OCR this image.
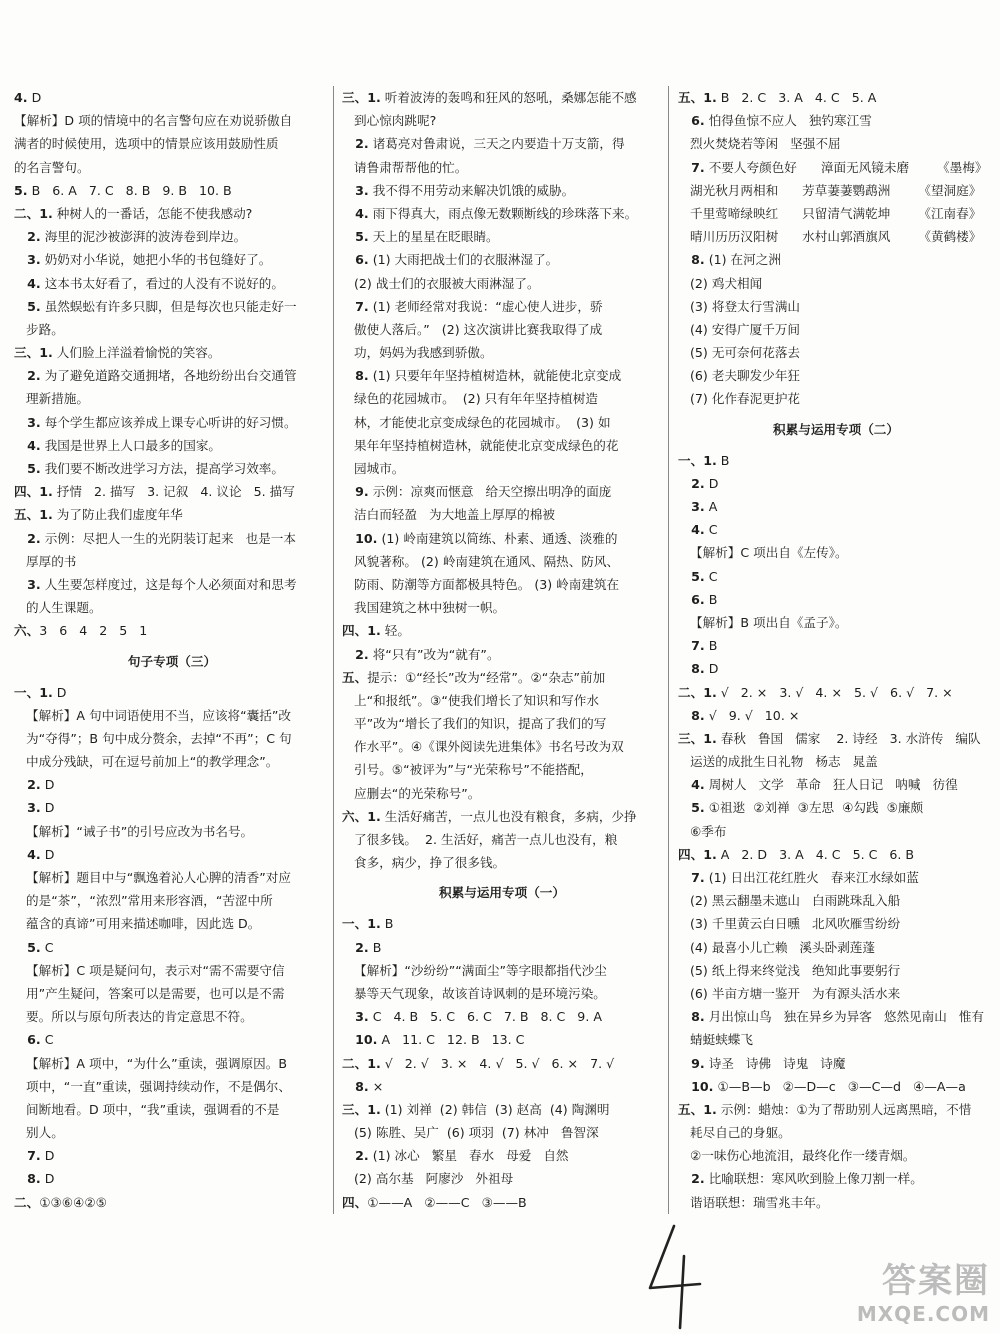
4. D
【解析】D 项的情境中的名言警句应在劝说骄傲自
满者的时候使用，选项中的情景应该用鼓励性质
的名言警句。
5. B   6. A   7. C   8. B   9. B   10. B
二、1. 种树人的一番话，怎能不使我感动?
2. 海里的泥沙被澎湃的波涛卷到岸边。
3. 奶奶对小华说，她把小华的书包缝好了。
4. 这本书太好看了，看过的人没有不说好的。
5. 虽然蜈蚣有许多只脚，但是每次也只能走好一
步路。
三、1. 人们脸上洋溢着愉悦的笑容。
2. 为了避免道路交通拥堵，各地纷纷出台交通管
理新措施。
3. 每个学生都应该养成上课专心听讲的好习惯。
4. 我国是世界上人口最多的国家。
5. 我们要不断改进学习方法，提高学习效率。
四、1. 抒情   2. 描写   3. 记叙   4. 议论   5. 描写
五、1. 为了防止我们虚度年华
2. 示例：尽把人一生的光阴装订起来   也是一本
厚厚的书
3. 人生要怎样度过，这是每个人必须面对和思考
的人生课题。
六、3   6   4   2   5   1
句子专项（三）
一、1. D
【解析】A 句中词语使用不当，应该将“囊括”改
为“夺得”；B 句中成分赘余，去掉“不再”；C 句
中成分残缺，可在逗号前加上“的教学理念”。
2. D
3. D
【解析】“诫子书”的引号应改为书名号。
4. D
【解析】题目中与“飘逸着沁人心脾的清香”对应
的是“茶”，“浓烈”常用来形容酒，“苦涩中所
蕴含的真谛”可用来描述咖啡，因此选 D。
5. C
【解析】C 项是疑问句，表示对“需不需要守信
用”产生疑问，答案可以是需要，也可以是不需
要。所以与原句所表达的肯定意思不符。
6. C
【解析】A 项中，“为什么”重读，强调原因。B
项中，“一直”重读，强调持续动作，不是偶尔、
间断地看。D 项中，“我”重读，强调看的不是
别人。
7. D
8. D
二、①③⑥④②⑤
三、1. 听着波涛的轰鸣和狂风的怒吼，桑娜怎能不感
到心惊肉跳呢?
2. 诸葛亮对鲁肃说，三天之内要造十万支箭，得
请鲁肃帮帮他的忙。
3. 我不得不用劳动来解决饥饿的威胁。
4. 雨下得真大，雨点像无数颗断线的珍珠落下来。
5. 天上的星星在眨眼睛。
6. (1) 大雨把战士们的衣服淋湿了。
(2) 战士们的衣服被大雨淋湿了。
7. (1) 老师经常对我说：“虚心使人进步，骄
傲使人落后。”   (2) 这次演讲比赛我取得了成
功，妈妈为我感到骄傲。
8. (1) 只要年年坚持植树造林，就能使北京变成
绿色的花园城市。  (2) 只有年年坚持植树造
林，才能使北京变成绿色的花园城市。  (3) 如
果年年坚持植树造林，就能使北京变成绿色的花
园城市。
9. 示例：凉爽而惬意   给天空擦出明净的面庞
洁白而轻盈   为大地盖上厚厚的棉被
10. (1) 岭南建筑以简练、朴素、通透、淡雅的
风貌著称。 (2) 岭南建筑在通风、隔热、防风、
防雨、防潮等方面都极具特色。 (3) 岭南建筑在
我国建筑之林中独树一帜。
四、1. 轻。
2. 将“只有”改为“就有”。
五、提示：①“经长”改为“经常”。②“杂志”前加
上“和报纸”。③“使我们增长了知识和写作水
平”改为“增长了我们的知识，提高了我们的写
作水平”。④《课外阅读先进集体》书名号改为双
引号。⑤“被评为”与“光荣称号”不能搭配，
应删去“的光荣称号”。
六、1. 生活好痛苦，一点儿也没有粮食，多病，少挣
了很多钱。  2. 生活好，痛苦一点儿也没有，粮
食多，病少，挣了很多钱。
积累与运用专项（一）
一、1. B
2. B
【解析】“沙纷纷”“满面尘”等字眼都指代沙尘
暴等天气现象，故该首诗讽刺的是环境污染。
3. C   4. B   5. C   6. C   7. B   8. C   9. A
10. A   11. C   12. B   13. C
二、1. √   2. √   3. ×   4. √   5. √   6. ×   7. √
8. ×
三、1. (1) 刘禅  (2) 韩信  (3) 赵高  (4) 陶渊明
(5) 陈胜、吴广  (6) 项羽  (7) 林冲   鲁智深
2. (1) 冰心   繁星   春水   母爱   自然
(2) 高尔基   阿廖沙   外祖母
四、①——A   ②——C   ③——B
五、1. B   2. C   3. A   4. C   5. A
6. 怕得鱼惊不应人   独钓寒江雪
烈火焚烧若等闲   坚强不屈
7. 不要人夸颜色好      漳面无风镜未磨       《墨梅》
湖光秋月两相和      芳草萋萋鹦鹉洲       《望洞庭》
千里莺啼绿映红      只留清气满乾坤       《江南春》
晴川历历汉阳树      水村山郭酒旗风       《黄鹤楼》
8. (1) 在河之洲
(2) 鸡犬相闻
(3) 将登太行雪满山
(4) 安得广厦千万间
(5) 无可奈何花落去
(6) 老夫聊发少年狂
(7) 化作春泥更护花
积累与运用专项（二）
一、1. B
2. D
3. A
4. C
【解析】C 项出自《左传》。
5. C
6. B
【解析】B 项出自《孟子》。
7. B
8. D
二、1. √   2. ×   3. √   4. ×   5. √   6. √   7. ×
8. √   9. √   10. ×
三、1. 春秋   鲁国   儒家    2. 诗经   3. 水浒传   编队
运送的成批生日礼物   杨志   晁盖
4. 周树人   文学   革命   狂人日记   呐喊   彷徨
5. ①祖逖  ②刘禅  ③左思  ④勾践  ⑤廉颇
⑥季布
四、1. A   2. D   3. A   4. C   5. C   6. B
7. (1) 日出江花红胜火   春来江水绿如蓝
(2) 黑云翻墨未遮山   白雨跳珠乱入船
(3) 千里黄云白日曛   北风吹雁雪纷纷
(4) 最喜小儿亡赖   溪头卧剥莲蓬
(5) 纸上得来终觉浅   绝知此事要躬行
(6) 半亩方塘一鉴开   为有源头活水来
8. 月出惊山鸟   独在异乡为异客   悠然见南山   惟有
蜻蜓蛱蝶飞
9. 诗圣   诗佛   诗鬼   诗魔
10. ①—B—b   ②—D—c   ③—C—d   ④—A—a
五、1. 示例：蜡烛：①为了帮助别人远离黑暗，不惜
耗尽自己的身躯。
②一味伤心地流泪，最终化作一缕青烟。
2. 比喻联想：寒风吹到脸上像刀割一样。
谐语联想：瑞雪兆丰年。
答案圈
MXQE.COM
